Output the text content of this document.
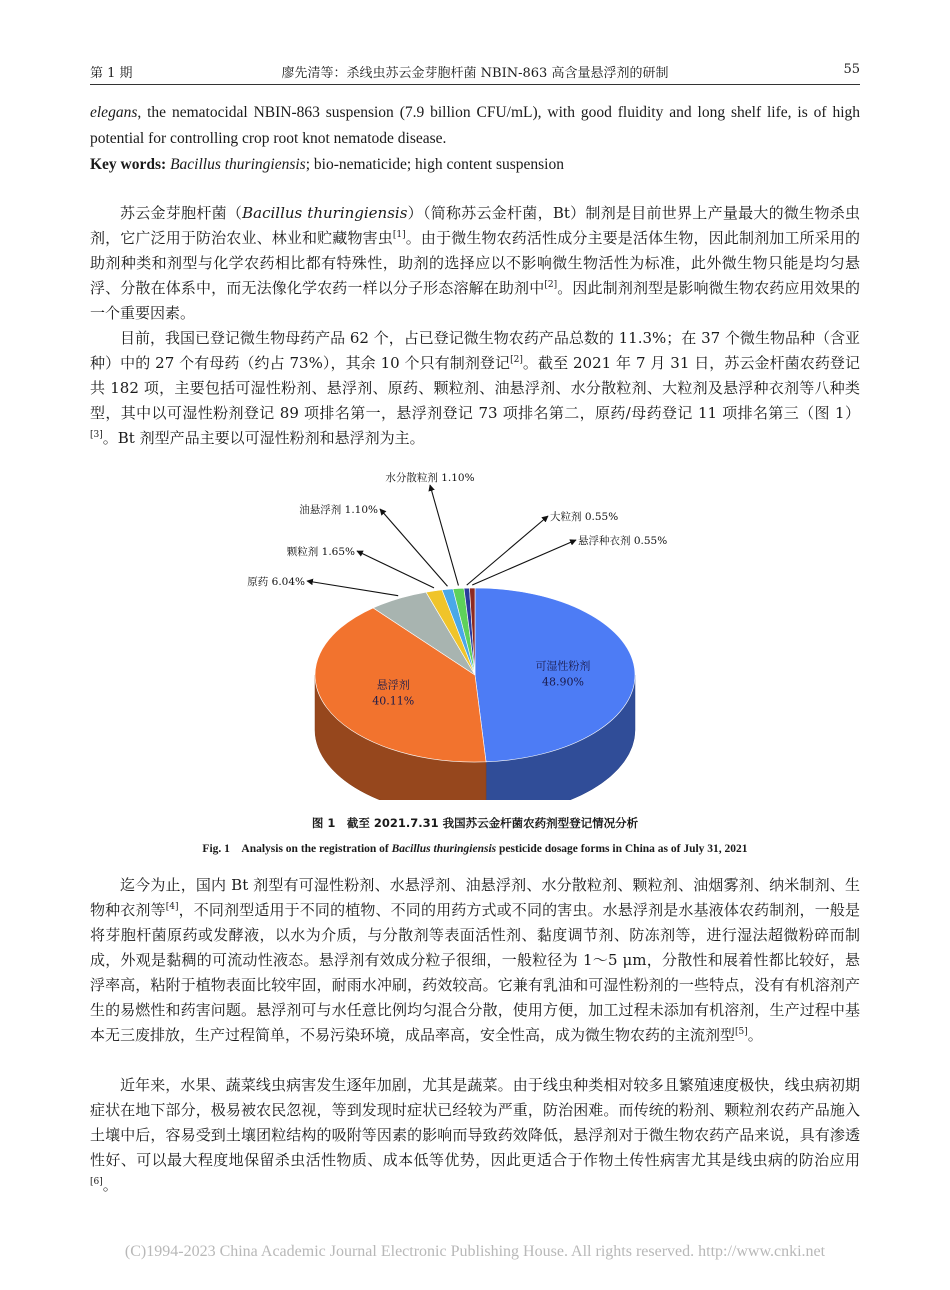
第 1 期	廖先清等：杀线虫苏云金芽胞杆菌 NBIN-863 高含量悬浮剂的研制	55

elegans, the nematocidal NBIN-863 suspension (7.9 billion CFU/mL), with good fluidity and long shelf life, is of high potential for controlling crop root knot nematode disease.

Key words: Bacillus thuringiensis; bio-nematicide; high content suspension

苏云金芽胞杆菌（Bacillus thuringiensis）（简称苏云金杆菌，Bt）制剂是目前世界上产量最大的微生物杀虫剂，它广泛用于防治农业、林业和贮藏物害虫[1]。由于微生物农药活性成分主要是活体生物，因此制剂加工所采用的助剂种类和剂型与化学农药相比都有特殊性，助剂的选择应以不影响微生物活性为标准，此外微生物只能是均匀悬浮、分散在体系中，而无法像化学农药一样以分子形态溶解在助剂中[2]。因此制剂剂型是影响微生物农药应用效果的一个重要因素。

目前，我国已登记微生物母药产品 62 个，占已登记微生物农药产品总数的 11.3%；在 37 个微生物品种（含亚种）中的 27 个有母药（约占 73%），其余 10 个只有制剂登记[2]。截至 2021 年 7 月 31 日，苏云金杆菌农药登记共 182 项，主要包括可湿性粉剂、悬浮剂、原药、颗粒剂、油悬浮剂、水分散粒剂、大粒剂及悬浮种衣剂等八种类型，其中以可湿性粉剂登记 89 项排名第一，悬浮剂登记 73 项排名第二，原药/母药登记 11 项排名第三（图 1）[3]。Bt 剂型产品主要以可湿性粉剂和悬浮剂为主。

可湿性粉剂
48.90%
悬浮剂
40.11%
原药 6.04%
颗粒剂 1.65%
油悬浮剂 1.10%
水分散粒剂 1.10%
大粒剂 0.55%
悬浮种衣剂 0.55%
图 1　截至 2021.7.31 我国苏云金杆菌农药剂型登记情况分析
Fig. 1　Analysis on the registration of Bacillus thuringiensis pesticide dosage forms in China as of July 31, 2021

迄今为止，国内 Bt 剂型有可湿性粉剂、水悬浮剂、油悬浮剂、水分散粒剂、颗粒剂、油烟雾剂、纳米制剂、生物种衣剂等[4]，不同剂型适用于不同的植物、不同的用药方式或不同的害虫。水悬浮剂是水基液体农药制剂，一般是将芽胞杆菌原药或发酵液，以水为介质，与分散剂等表面活性剂、黏度调节剂、防冻剂等，进行湿法超微粉碎而制成，外观是黏稠的可流动性液态。悬浮剂有效成分粒子很细，一般粒径为 1～5 μm，分散性和展着性都比较好，悬浮率高，粘附于植物表面比较牢固，耐雨水冲刷，药效较高。它兼有乳油和可湿性粉剂的一些特点，没有有机溶剂产生的易燃性和药害问题。悬浮剂可与水任意比例均匀混合分散，使用方便，加工过程未添加有机溶剂，生产过程中基本无三废排放，生产过程简单，不易污染环境，成品率高，安全性高，成为微生物农药的主流剂型[5]。

近年来，水果、蔬菜线虫病害发生逐年加剧，尤其是蔬菜。由于线虫种类相对较多且繁殖速度极快，线虫病初期症状在地下部分，极易被农民忽视，等到发现时症状已经较为严重，防治困难。而传统的粉剂、颗粒剂农药产品施入土壤中后，容易受到土壤团粒结构的吸附等因素的影响而导致药效降低，悬浮剂对于微生物农药产品来说，具有渗透性好、可以最大程度地保留杀虫活性物质、成本低等优势，因此更适合于作物土传性病害尤其是线虫病的防治应用[6]。

(C)1994-2023 China Academic Journal Electronic Publishing House. All rights reserved. http://www.cnki.net
